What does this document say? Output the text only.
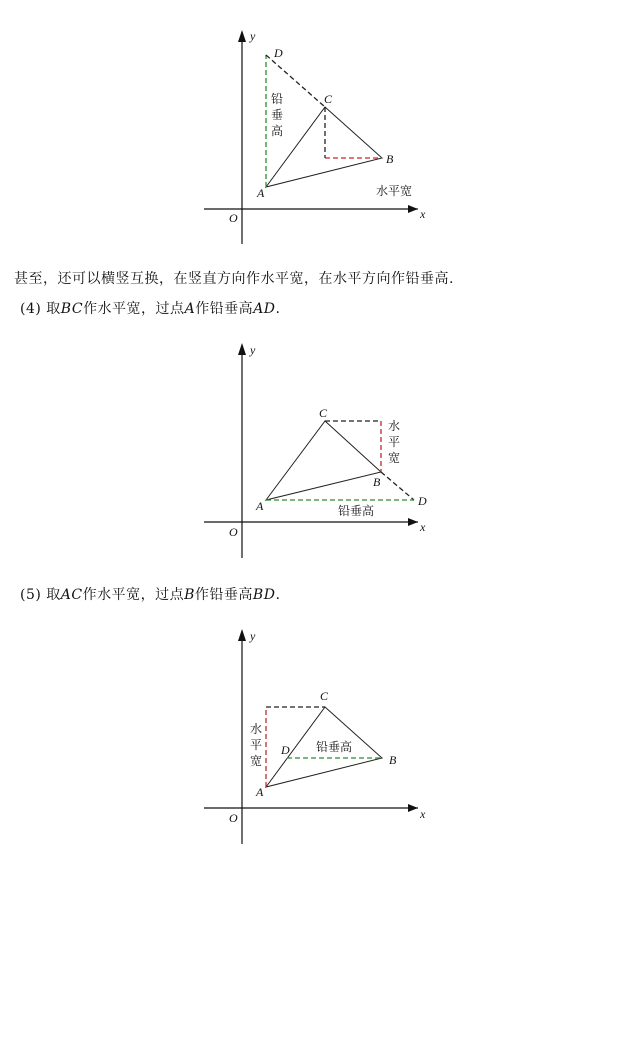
x
y
O
A
B
C
D
铅
垂
高
水平宽
甚至，还可以横竖互换，在竖直方向作水平宽，在水平方向作铅垂高.
(4) 取BC作水平宽，过点A作铅垂高AD.
x
y
O
A
B
C
D
水
平
宽
铅垂高
(5) 取AC作水平宽，过点B作铅垂高BD.
x
y
O
A
B
C
D
水
平
宽
铅垂高
